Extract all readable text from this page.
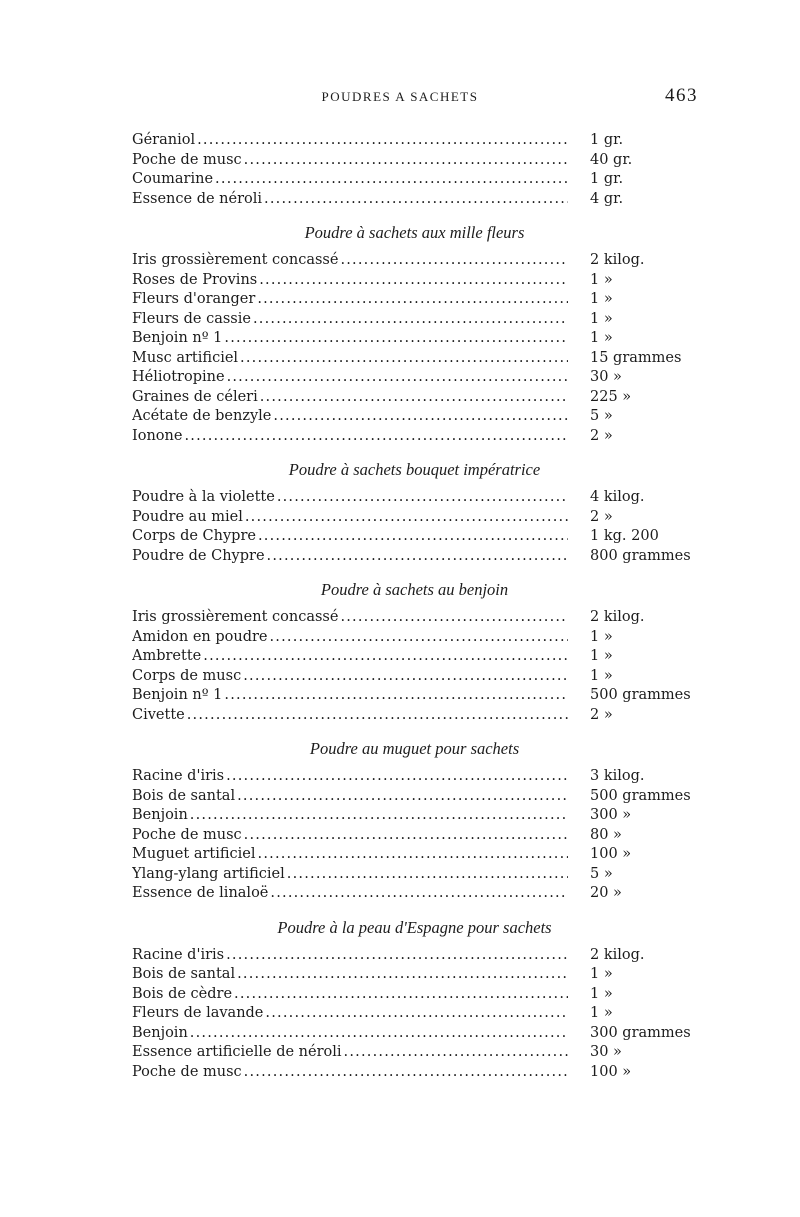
POUDRES A SACHETS	463
Géraniol .....	1 gr.
Poche de musc .....	40 gr.
Coumarine .....	1 gr.
Essence de néroli .....	4 gr.
Poudre à sachets aux mille fleurs
Iris grossièrement concassé .....	2 kilog.
Roses de Provins .....	1 »
Fleurs d'oranger .....	1 »
Fleurs de cassie .....	1 »
Benjoin nº 1 .....	1 »
Musc artificiel .....	15 grammes
Héliotropine .....	30 »
Graines de céleri .....	225 »
Acétate de benzyle .....	5 »
Ionone .....	2 »
Poudre à sachets bouquet impératrice
Poudre à la violette .....	4 kilog.
Poudre au miel .....	2 »
Corps de Chypre .....	1 kg. 200
Poudre de Chypre .....	800 grammes
Poudre à sachets au benjoin
Iris grossièrement concassé .....	2 kilog.
Amidon en poudre .....	1 »
Ambrette .....	1 »
Corps de musc .....	1 »
Benjoin nº 1 .....	500 grammes
Civette .....	2 »
Poudre au muguet pour sachets
Racine d'iris .....	3 kilog.
Bois de santal .....	500 grammes
Benjoin .....	300 »
Poche de musc .....	80 »
Muguet artificiel .....	100 »
Ylang-ylang artificiel .....	5 »
Essence de linaloë .....	20 »
Poudre à la peau d'Espagne pour sachets
Racine d'iris .....	2 kilog.
Bois de santal .....	1 »
Bois de cèdre .....	1 »
Fleurs de lavande .....	1 »
Benjoin .....	300 grammes
Essence artificielle de néroli .....	30 »
Poche de musc .....	100 »
